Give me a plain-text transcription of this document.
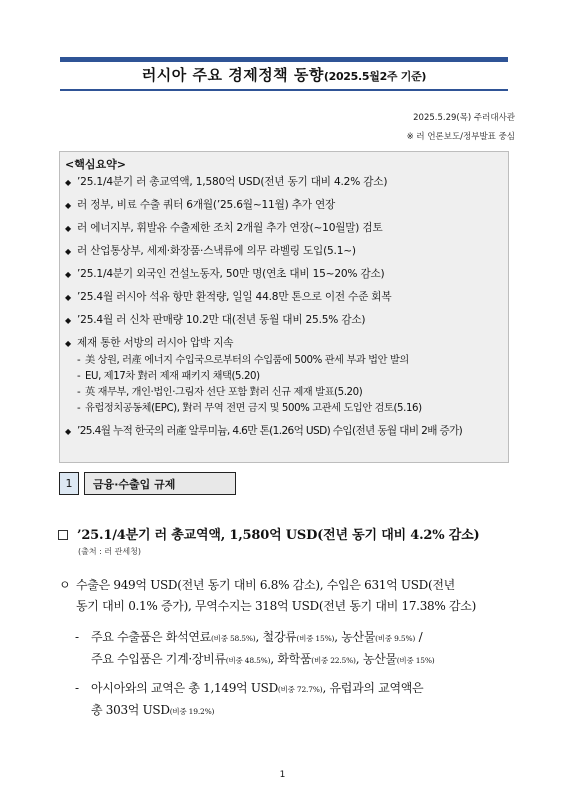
러시아 주요 경제정책 동향(2025.5월2주 기준)
2025.5.29(목) 주러대사관
※ 러 언론보도/정부발표 중심
<핵심요약>
◆ ’25.1/4분기 러 총교역액, 1,580억 USD(전년 동기 대비 4.2% 감소)
◆ 러 정부, 비료 수출 쿼터 6개월(’25.6월~11월) 추가 연장
◆ 러 에너지부, 휘발유 수출제한 조치 2개월 추가 연장(~10월말) 검토
◆ 러 산업통상부, 세제·화장품·스낵류에 의무 라벨링 도입(5.1~)
◆ ’25.1/4분기 외국인 건설노동자, 50만 명(연초 대비 15~20% 감소)
◆ ’25.4월 러시아 석유 항만 환적량, 일일 44.8만 톤으로 이전 수준 회복
◆ ’25.4월 러 신차 판매량 10.2만 대(전년 동월 대비 25.5% 감소)
◆ 제재 통한 서방의 러시아 압박 지속
- 美 상원, 러產 에너지 수입국으로부터의 수입품에 500% 관세 부과 법안 발의
- EU, 제17차 對러 제재 패키지 채택(5.20)
- 英 재무부, 개인·법인·그림자 선단 포함 對러 신규 제재 발표(5.20)
- 유럽정치공동체(EPC), 對러 무역 전면 금지 및 500% 고관세 도입안 검토(5.16)
◆ ’25.4월 누적 한국의 러產 알루미늄, 4.6만 톤(1.26억 USD) 수입(전년 동월 대비 2배 증가)
1	금융·수출입 규제
’25.1/4분기 러 총교역액, 1,580억 USD(전년 동기 대비 4.2% 감소)
(출처 : 러 관세청)
ㅇ 수출은 949억 USD(전년 동기 대비 6.8% 감소), 수입은 631억 USD(전년
동기 대비 0.1% 증가), 무역수지는 318억 USD(전년 동기 대비 17.38% 감소)
- 주요 수출품은 화석연료(비중 58.5%), 철강류(비중 15%), 농산물(비중 9.5%) /
주요 수입품은 기계·장비류(비중 48.5%), 화학품(비중 22.5%), 농산물(비중 15%)
- 아시아와의 교역은 총 1,149억 USD(비중 72.7%), 유럽과의 교역액은
총 303억 USD(비중 19.2%)
1
